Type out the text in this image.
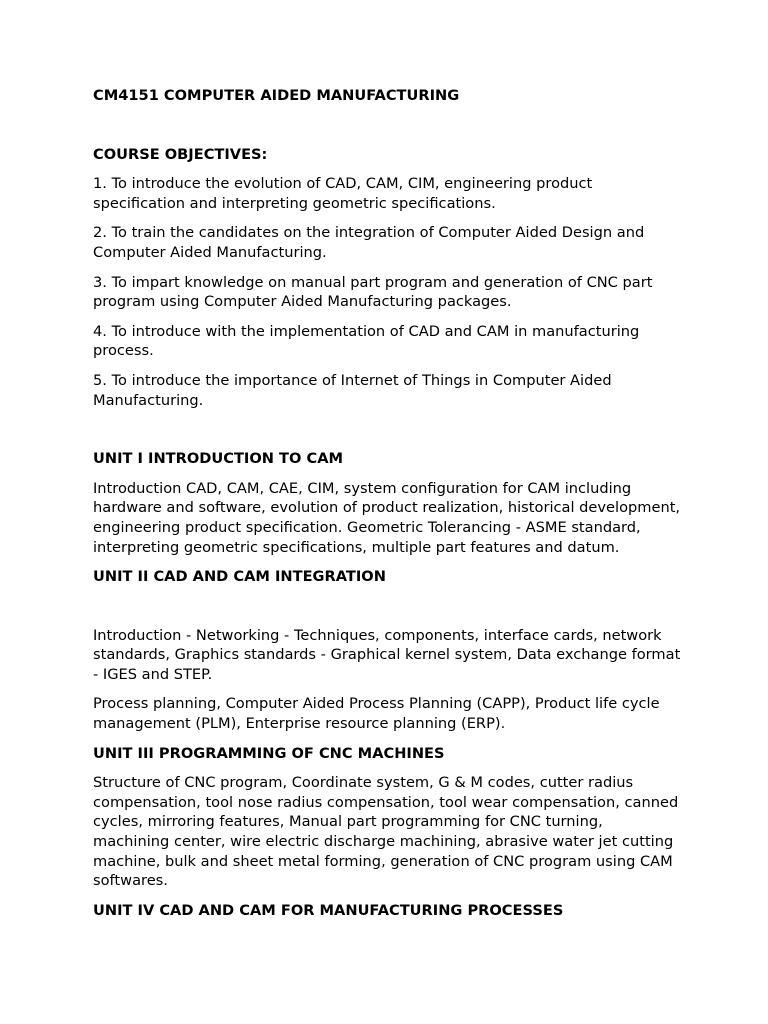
CM4151 COMPUTER AIDED MANUFACTURING
COURSE OBJECTIVES:
1. To introduce the evolution of CAD, CAM, CIM, engineering product specification and interpreting geometric specifications.
2. To train the candidates on the integration of Computer Aided Design and Computer Aided Manufacturing.
3. To impart knowledge on manual part program and generation of CNC part program using Computer Aided Manufacturing packages.
4. To introduce with the implementation of CAD and CAM in manufacturing process.
5. To introduce the importance of Internet of Things in Computer Aided Manufacturing.
UNIT I INTRODUCTION TO CAM
Introduction CAD, CAM, CAE, CIM, system configuration for CAM including hardware and software, evolution of product realization, historical development, engineering product specification. Geometric Tolerancing - ASME standard, interpreting geometric specifications, multiple part features and datum.
UNIT II CAD AND CAM INTEGRATION
Introduction - Networking - Techniques, components, interface cards, network standards, Graphics standards - Graphical kernel system, Data exchange format - IGES and STEP.
Process planning, Computer Aided Process Planning (CAPP), Product life cycle management (PLM), Enterprise resource planning (ERP).
UNIT III PROGRAMMING OF CNC MACHINES
Structure of CNC program, Coordinate system, G & M codes, cutter radius compensation, tool nose radius compensation, tool wear compensation, canned cycles, mirroring features, Manual part programming for CNC turning, machining center, wire electric discharge machining, abrasive water jet cutting machine, bulk and sheet metal forming, generation of CNC program using CAM softwares.
UNIT IV CAD AND CAM FOR MANUFACTURING PROCESSES
